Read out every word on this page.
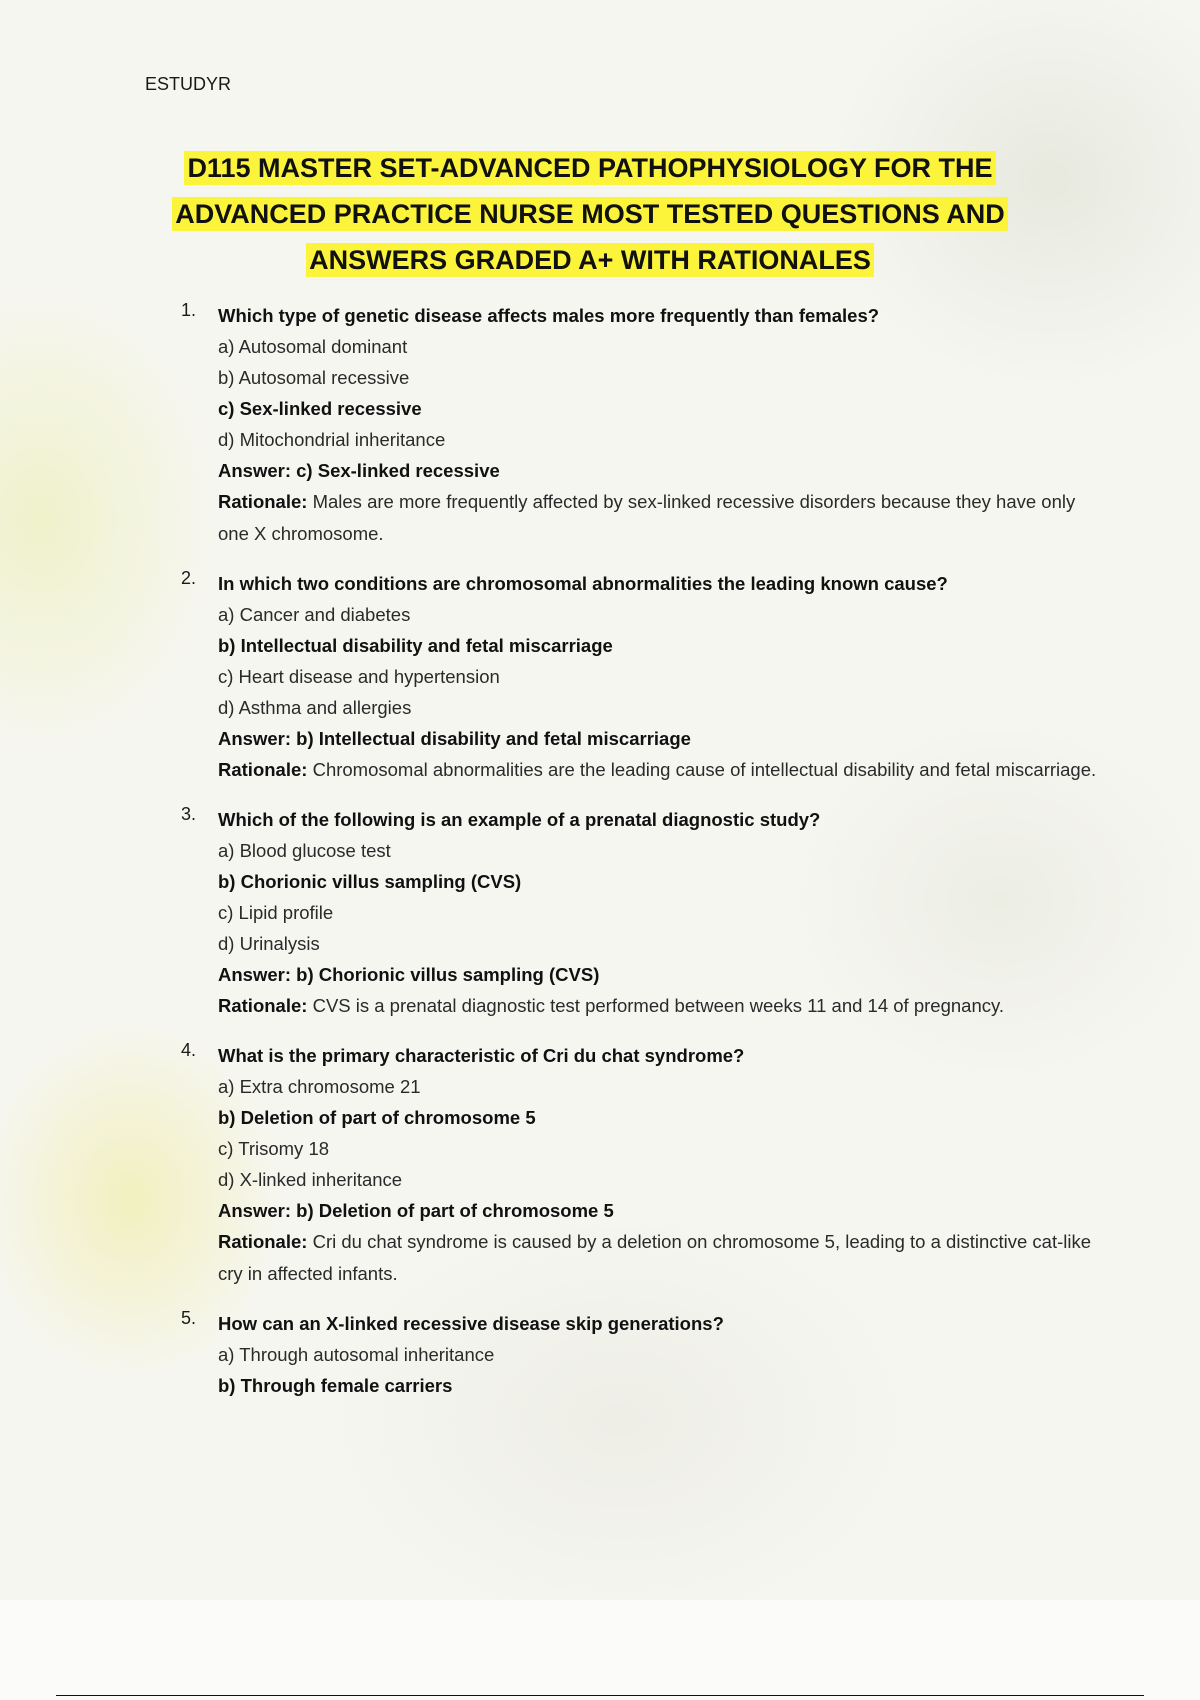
ESTUDYR
D115 MASTER SET-ADVANCED PATHOPHYSIOLOGY FOR THE
ADVANCED PRACTICE NURSE MOST TESTED QUESTIONS AND
ANSWERS GRADED A+ WITH RATIONALES
1. Which type of genetic disease affects males more frequently than females?
a) Autosomal dominant
b) Autosomal recessive
c) Sex-linked recessive
d) Mitochondrial inheritance
Answer: c) Sex-linked recessive
Rationale: Males are more frequently affected by sex-linked recessive disorders because they have only one X chromosome.
2. In which two conditions are chromosomal abnormalities the leading known cause?
a) Cancer and diabetes
b) Intellectual disability and fetal miscarriage
c) Heart disease and hypertension
d) Asthma and allergies
Answer: b) Intellectual disability and fetal miscarriage
Rationale: Chromosomal abnormalities are the leading cause of intellectual disability and fetal miscarriage.
3. Which of the following is an example of a prenatal diagnostic study?
a) Blood glucose test
b) Chorionic villus sampling (CVS)
c) Lipid profile
d) Urinalysis
Answer: b) Chorionic villus sampling (CVS)
Rationale: CVS is a prenatal diagnostic test performed between weeks 11 and 14 of pregnancy.
4. What is the primary characteristic of Cri du chat syndrome?
a) Extra chromosome 21
b) Deletion of part of chromosome 5
c) Trisomy 18
d) X-linked inheritance
Answer: b) Deletion of part of chromosome 5
Rationale: Cri du chat syndrome is caused by a deletion on chromosome 5, leading to a distinctive cat-like cry in affected infants.
5. How can an X-linked recessive disease skip generations?
a) Through autosomal inheritance
b) Through female carriers
